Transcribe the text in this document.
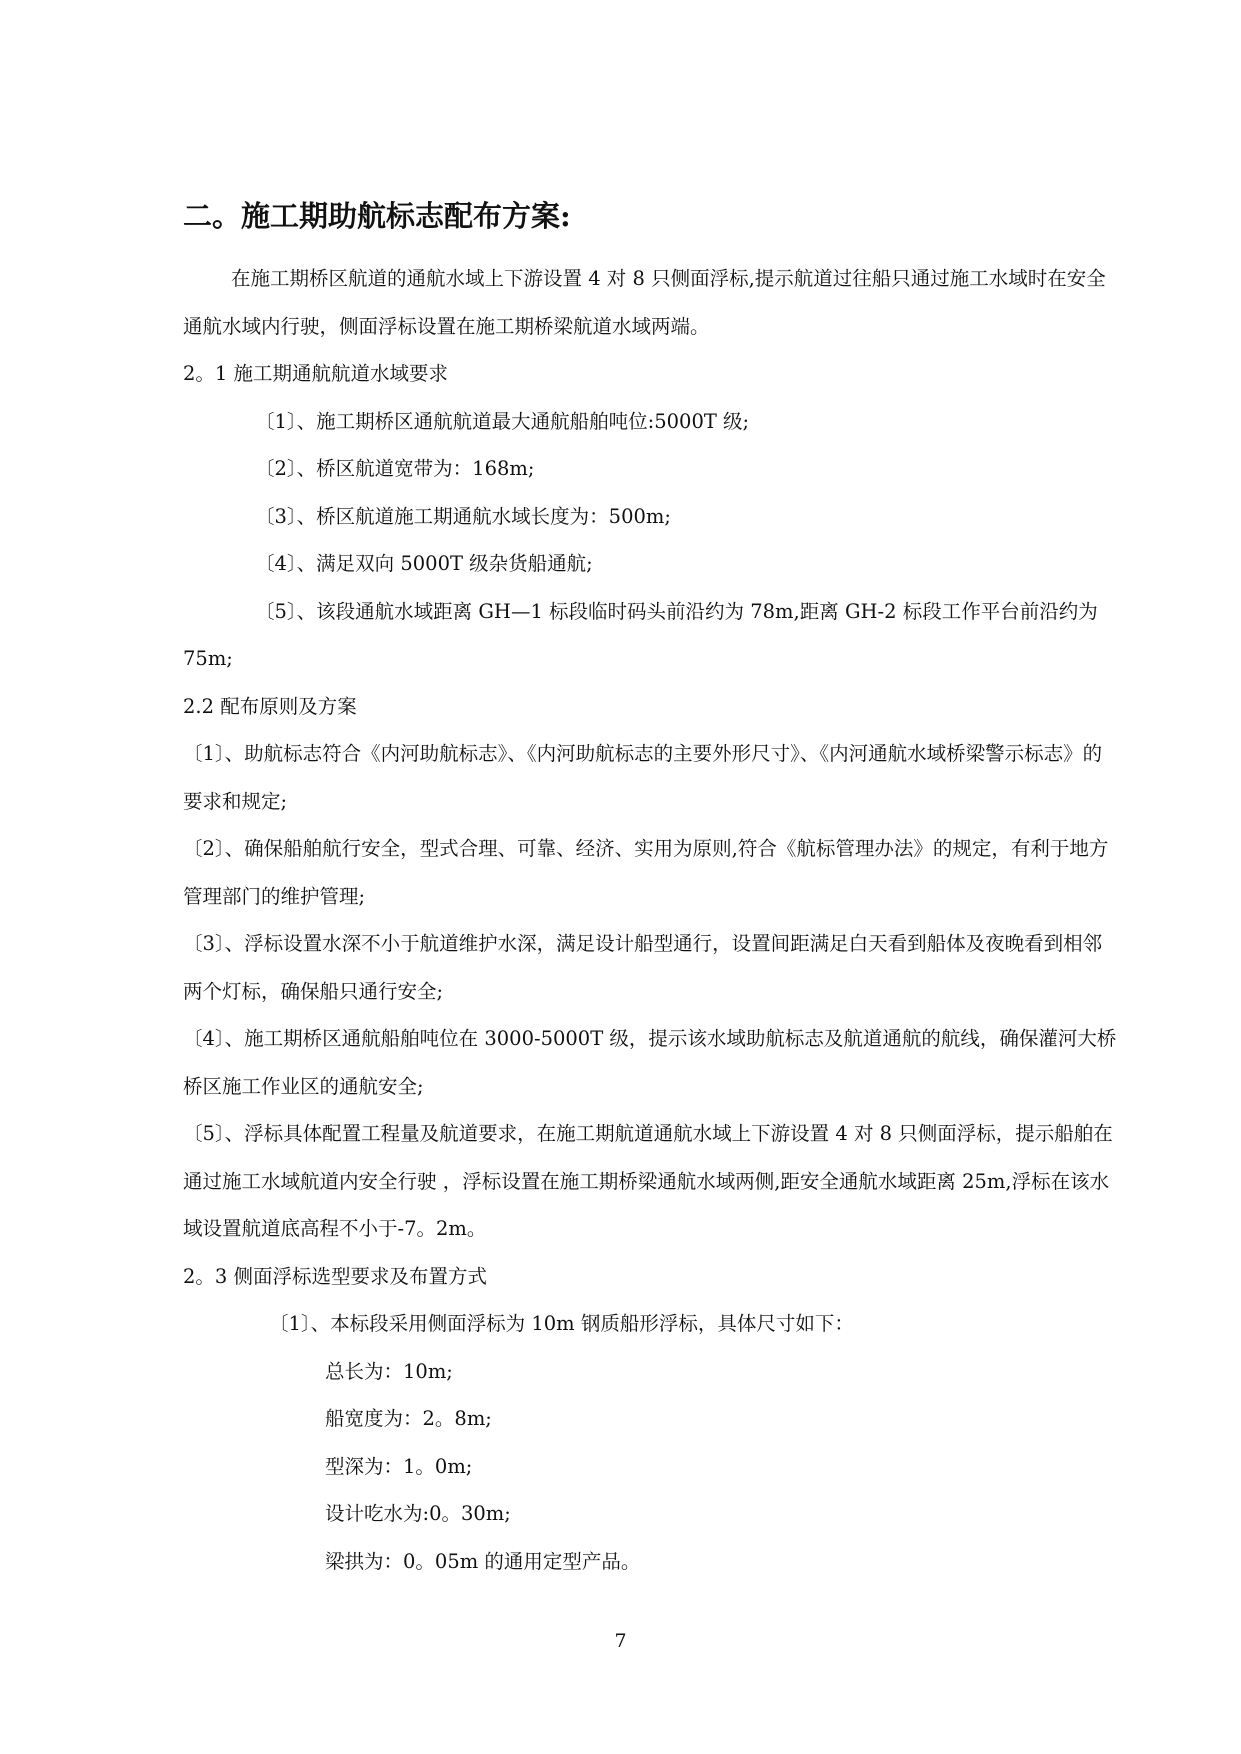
二。施工期助航标志配布方案:

在施工期桥区航道的通航水域上下游设置 4 对 8 只侧面浮标,提示航道过往船只通过施工水域时在安全通航水域内行驶，侧面浮标设置在施工期桥梁航道水域两端。

2。1 施工期通航航道水域要求

〔1〕、施工期桥区通航航道最大通航船舶吨位:5000T 级;

〔2〕、桥区航道宽带为：168m;

〔3〕、桥区航道施工期通航水域长度为：500m;

〔4〕、满足双向 5000T 级杂货船通航;

〔5〕、该段通航水域距离 GH—1 标段临时码头前沿约为 78m,距离 GH-2 标段工作平台前沿约为 75m;

2.2 配布原则及方案

〔1〕、助航标志符合《内河助航标志》、《内河助航标志的主要外形尺寸》、《内河通航水域桥梁警示标志》的要求和规定;

〔2〕、确保船舶航行安全，型式合理、可靠、经济、实用为原则,符合《航标管理办法》的规定，有利于地方管理部门的维护管理;

〔3〕、浮标设置水深不小于航道维护水深，满足设计船型通行，设置间距满足白天看到船体及夜晚看到相邻两个灯标，确保船只通行安全;

〔4〕、施工期桥区通航船舶吨位在 3000-5000T 级，提示该水域助航标志及航道通航的航线，确保灌河大桥桥区施工作业区的通航安全;

〔5〕、浮标具体配置工程量及航道要求，在施工期航道通航水域上下游设置 4 对 8 只侧面浮标，提示船舶在通过施工水域航道内安全行驶 ，浮标设置在施工期桥梁通航水域两侧,距安全通航水域距离 25m,浮标在该水域设置航道底高程不小于-7。2m。

2。3 侧面浮标选型要求及布置方式

〔1〕、本标段采用侧面浮标为 10m 钢质船形浮标，具体尺寸如下：

总长为：10m;

船宽度为：2。8m;

型深为：1。0m;

设计吃水为:0。30m;

梁拱为：0。05m 的通用定型产品。

7
